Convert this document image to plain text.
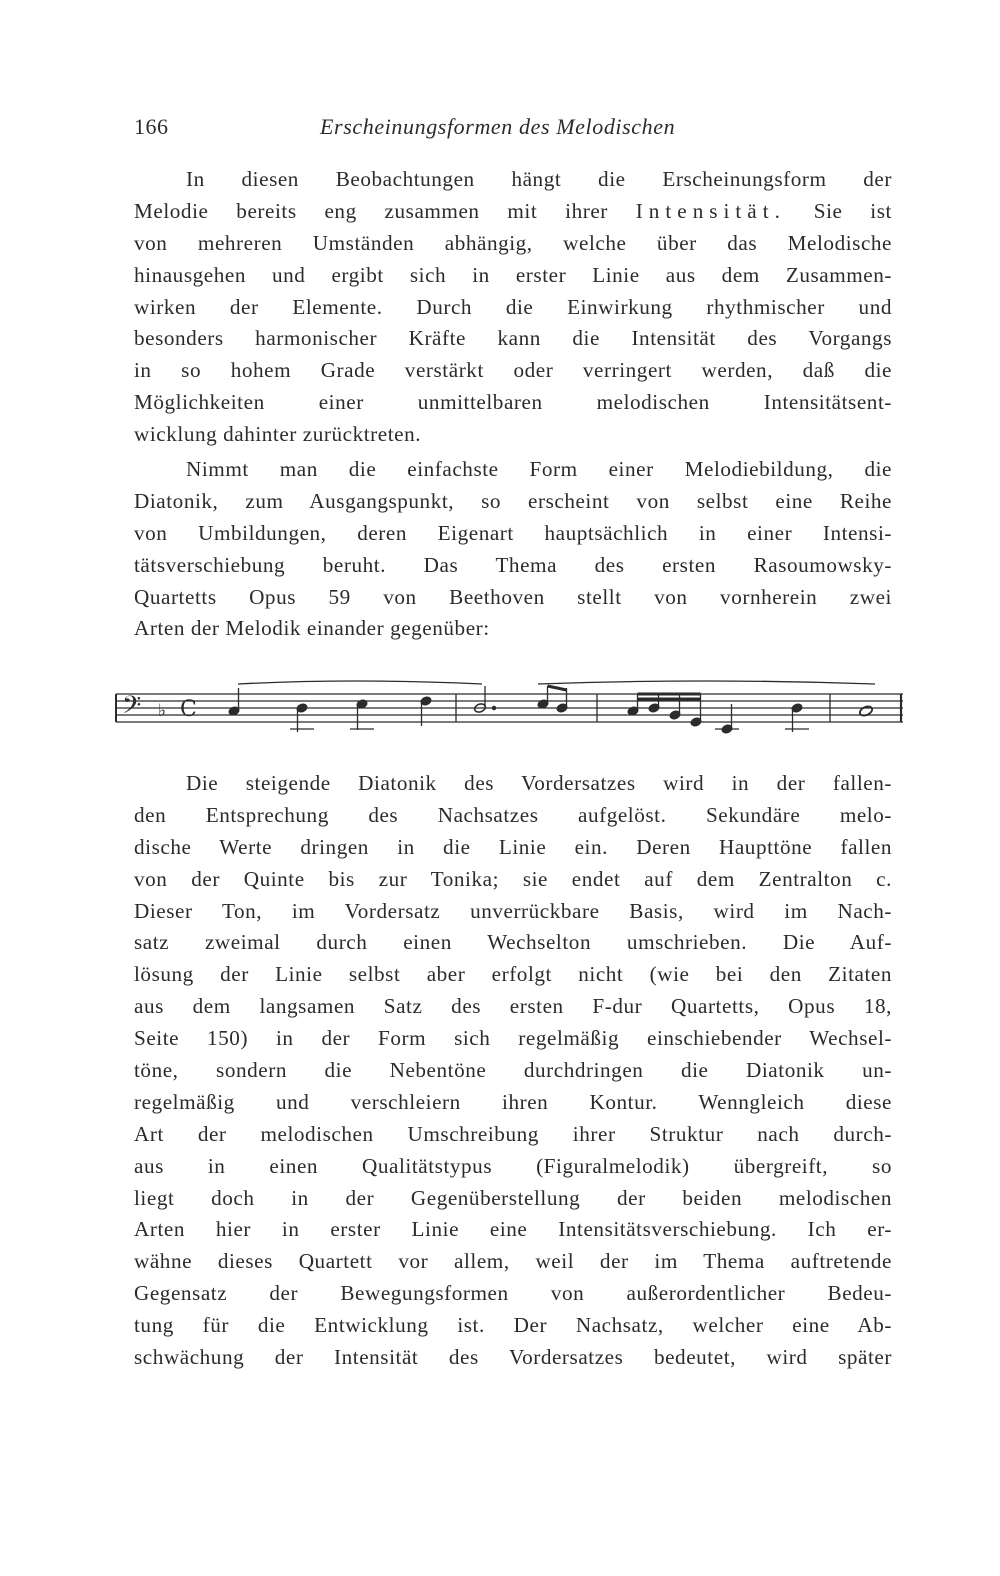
166	Erscheinungsformen des Melodischen
In diesen Beobachtungen hängt die Erscheinungsform der
Melodie bereits eng zusammen mit ihrer Intensität. Sie ist
von mehreren Umständen abhängig, welche über das Melodische
hinausgehen und ergibt sich in erster Linie aus dem Zusammen-
wirken der Elemente. Durch die Einwirkung rhythmischer und
besonders harmonischer Kräfte kann die Intensität des Vorgangs
in so hohem Grade verstärkt oder verringert werden, daß die
Möglichkeiten einer unmittelbaren melodischen Intensitätsent-
wicklung dahinter zurücktreten.
Nimmt man die einfachste Form einer Melodiebildung, die
Diatonik, zum Ausgangspunkt, so erscheint von selbst eine Reihe
von Umbildungen, deren Eigenart hauptsächlich in einer Intensi-
tätsverschiebung beruht. Das Thema des ersten Rasoumowsky-
Quartetts Opus 59 von Beethoven stellt von vornherein zwei
Arten der Melodik einander gegenüber:
𝄢 ♭ C
Die steigende Diatonik des Vordersatzes wird in der fallen-
den Entsprechung des Nachsatzes aufgelöst. Sekundäre melo-
dische Werte dringen in die Linie ein. Deren Haupttöne fallen
von der Quinte bis zur Tonika; sie endet auf dem Zentralton c.
Dieser Ton, im Vordersatz unverrückbare Basis, wird im Nach-
satz zweimal durch einen Wechselton umschrieben. Die Auf-
lösung der Linie selbst aber erfolgt nicht (wie bei den Zitaten
aus dem langsamen Satz des ersten F-dur Quartetts, Opus 18,
Seite 150) in der Form sich regelmäßig einschiebender Wechsel-
töne, sondern die Nebentöne durchdringen die Diatonik un-
regelmäßig und verschleiern ihren Kontur. Wenngleich diese
Art der melodischen Umschreibung ihrer Struktur nach durch-
aus in einen Qualitätstypus (Figuralmelodik) übergreift, so
liegt doch in der Gegenüberstellung der beiden melodischen
Arten hier in erster Linie eine Intensitätsverschiebung. Ich er-
wähne dieses Quartett vor allem, weil der im Thema auftretende
Gegensatz der Bewegungsformen von außerordentlicher Bedeu-
tung für die Entwicklung ist. Der Nachsatz, welcher eine Ab-
schwächung der Intensität des Vordersatzes bedeutet, wird später
